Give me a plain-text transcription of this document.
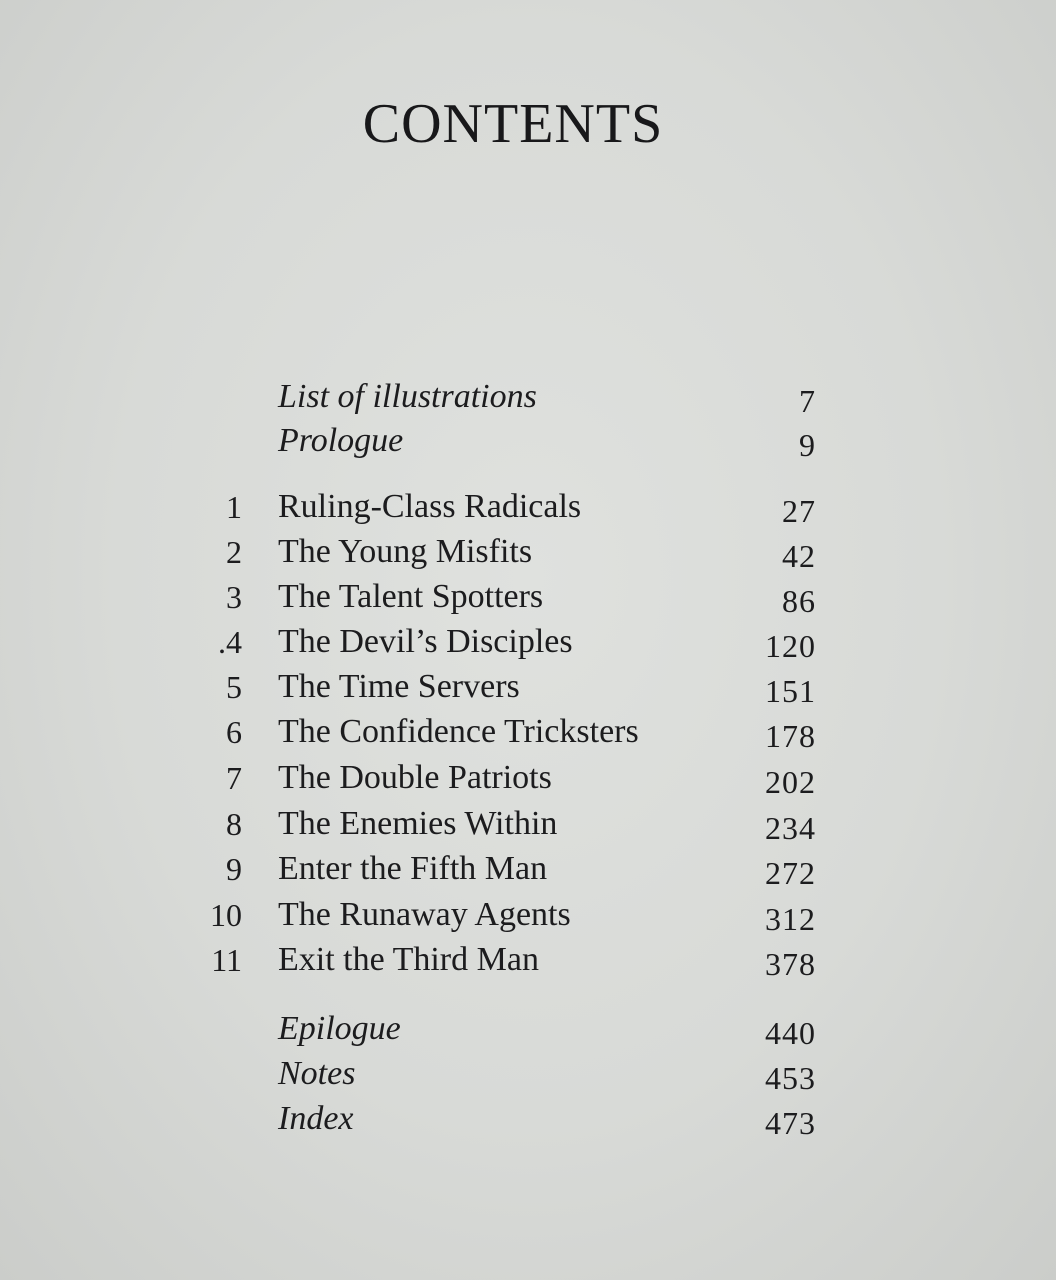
CONTENTS
List of illustrations	7
Prologue	9
1 Ruling-Class Radicals	27
2 The Young Misfits	42
3 The Talent Spotters	86
.4 The Devil’s Disciples	120
5 The Time Servers	151
6 The Confidence Tricksters	178
7 The Double Patriots	202
8 The Enemies Within	234
9 Enter the Fifth Man	272
10 The Runaway Agents	312
11 Exit the Third Man	378
Epilogue	440
Notes	453
Index	473
